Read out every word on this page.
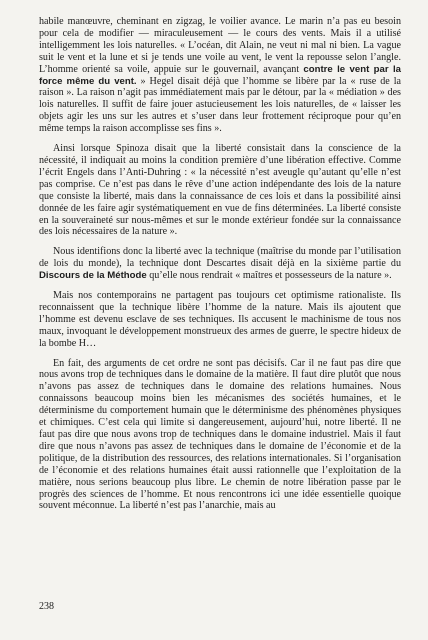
habile manœuvre, cheminant en zigzag, le voilier avance. Le marin n’a pas eu besoin pour cela de modifier — miraculeusement — le cours des vents. Mais il a utilisé intelligemment les lois naturelles. « L’océan, dit Alain, ne veut ni mal ni bien. La vague suit le vent et la lune et si je tends une voile au vent, le vent la repousse selon l’angle. L’homme orienté sa voile, appuie sur le gouvernail, avançant contre le vent par la force même du vent. » Hegel disait déjà que l’homme se libère par la « ruse de la raison ». La raison n’agit pas immédiatement mais par le détour, par la « médiation » des lois naturelles. Il suffit de faire jouer astucieusement les lois naturelles, de « laisser les objets agir les uns sur les autres et s’user dans leur frottement réciproque pour qu’en même temps la raison accomplisse ses fins ».

Ainsi lorsque Spinoza disait que la liberté consistait dans la conscience de la nécessité, il indiquait au moins la condition première d’une libération effective. Comme l’écrit Engels dans l’Anti-Duhring : « la nécessité n’est aveugle qu’autant qu’elle n’est pas comprise. Ce n’est pas dans le rêve d’une action indépendante des lois de la nature que consiste la liberté, mais dans la connaissance de ces lois et dans la possibilité ainsi donnée de les faire agir systématiquement en vue de fins déterminées. La liberté consiste en la souveraineté sur nous-mêmes et sur le monde extérieur fondée sur la connaissance des lois nécessaires de la nature ».

Nous identifions donc la liberté avec la technique (maîtrise du monde par l’utilisation de lois du monde), la technique dont Descartes disait déjà en la sixième partie du Discours de la Méthode qu’elle nous rendrait « maîtres et possesseurs de la nature ».

Mais nos contemporains ne partagent pas toujours cet optimisme rationaliste. Ils reconnaissent que la technique libère l’homme de la nature. Mais ils ajoutent que l’homme est devenu esclave de ses techniques. Ils accusent le machinisme de tous nos maux, invoquant le développement monstrueux des armes de guerre, le spectre hideux de la bombe H…

En fait, des arguments de cet ordre ne sont pas décisifs. Car il ne faut pas dire que nous avons trop de techniques dans le domaine de la matière. Il faut dire plutôt que nous n’avons pas assez de techniques dans le domaine des relations humaines. Nous connaissons beaucoup moins bien les mécanismes des sociétés humaines, et le déterminisme du comportement humain que le déterminisme des phénomènes physiques et chimiques. C’est cela qui limite si dangereusement, aujourd’hui, notre liberté. Il ne faut pas dire que nous avons trop de techniques dans le domaine industriel. Mais il faut dire que nous n’avons pas assez de techniques dans le domaine de l’économie et de la politique, de la distribution des ressources, des relations internationales. Si l’organisation de l’économie et des relations humaines était aussi rationnelle que l’exploitation de la matière, nous serions beaucoup plus libre. Le chemin de notre libération passe par le progrès des sciences de l’homme. Et nous rencontrons ici une idée essentielle quoique souvent méconnue. La liberté n’est pas l’anarchie, mais au

238
